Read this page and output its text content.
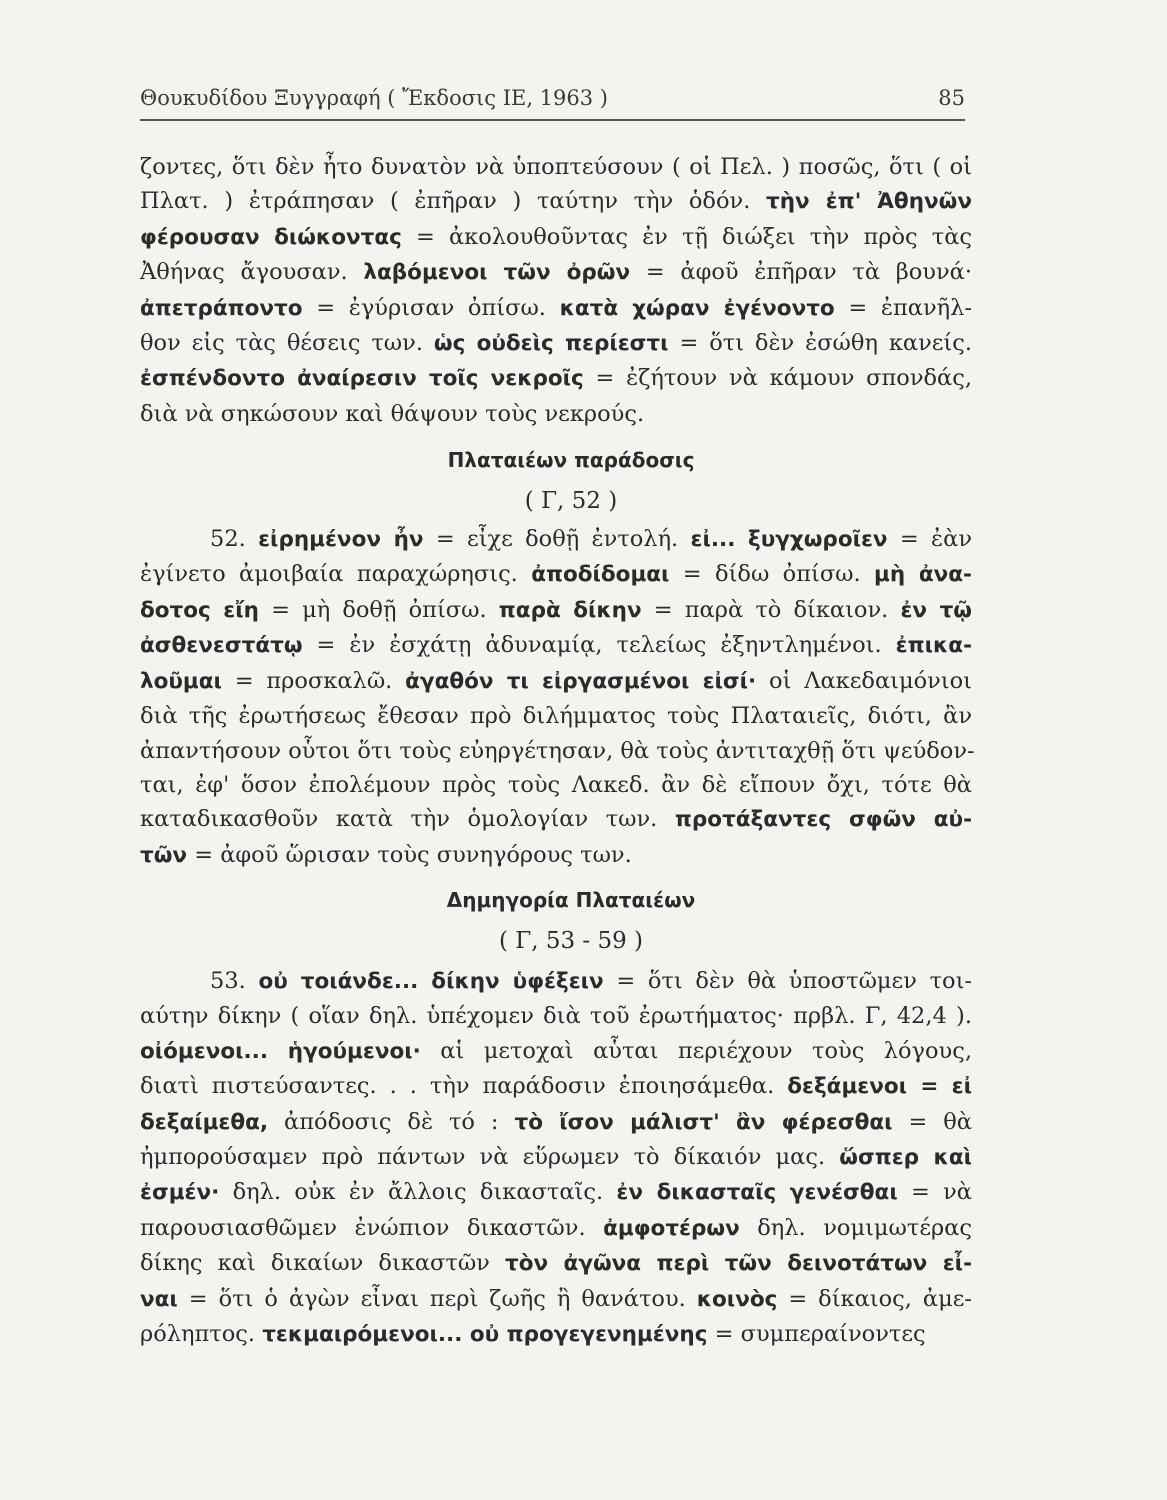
Θουκυδίδου Ξυγγραφή ( Ἔκδοσις ΙΕ, 1963 )	85
ζοντες, ὅτι δὲν ἦτο δυνατὸν νὰ ὑποπτεύσουν ( οἱ Πελ. ) ποσῶς, ὅτι ( οἱ
Πλατ. ) ἐτράπησαν ( ἐπῆραν ) ταύτην τὴν ὁδόν. τὴν ἐπ' Ἀθηνῶν
φέρουσαν διώκοντας = ἀκολουθοῦντας ἐν τῇ διώξει τὴν πρὸς τὰς
Ἀθήνας ἄγουσαν. λαβόμενοι τῶν ὀρῶν = ἀφοῦ ἐπῆραν τὰ βουνά·
ἀπετράποντο = ἐγύρισαν ὀπίσω. κατὰ χώραν ἐγένοντο = ἐπανῆλ-
θον εἰς τὰς θέσεις των. ὡς οὐδεὶς περίεστι = ὅτι δὲν ἐσώθη κανείς.
ἐσπένδοντο ἀναίρεσιν τοῖς νεκροῖς = ἐζήτουν νὰ κάμουν σπονδάς,
διὰ νὰ σηκώσουν καὶ θάψουν τοὺς νεκρούς.
Πλαταιέων παράδοσις
( Γ, 52 )
52. εἰρημένον ἦν = εἶχε δοθῇ ἐντολή. εἰ... ξυγχωροῖεν = ἐὰν
ἐγίνετο ἀμοιβαία παραχώρησις. ἀποδίδομαι = δίδω ὀπίσω. μὴ ἀνα-
δοτος εἴη = μὴ δοθῇ ὀπίσω. παρὰ δίκην = παρὰ τὸ δίκαιον. ἐν τῷ
ἀσθενεστάτῳ = ἐν ἐσχάτῃ ἀδυναμίᾳ, τελείως ἐξηντλημένοι. ἐπικα-
λοῦμαι = προσκαλῶ. ἀγαθόν τι εἰργασμένοι εἰσί· οἱ Λακεδαιμόνιοι
διὰ τῆς ἐρωτήσεως ἔθεσαν πρὸ διλήμματος τοὺς Πλαταιεῖς, διότι, ἂν
ἀπαντήσουν οὗτοι ὅτι τοὺς εὐηργέτησαν, θὰ τοὺς ἀντιταχθῇ ὅτι ψεύδον-
ται, ἐφ' ὅσον ἐπολέμουν πρὸς τοὺς Λακεδ. ἂν δὲ εἴπουν ὄχι, τότε θὰ
καταδικασθοῦν κατὰ τὴν ὁμολογίαν των. προτάξαντες σφῶν αὐ-
τῶν = ἀφοῦ ὥρισαν τοὺς συνηγόρους των.
Δημηγορία Πλαταιέων
( Γ, 53 - 59 )
53. οὐ τοιάνδε... δίκην ὑφέξειν = ὅτι δὲν θὰ ὑποστῶμεν τοι-
αύτην δίκην ( οἵαν δηλ. ὑπέχομεν διὰ τοῦ ἐρωτήματος· πρβλ. Γ, 42,4 ).
οἰόμενοι... ἡγούμενοι· αἱ μετοχαὶ αὗται περιέχουν τοὺς λόγους,
διατὶ πιστεύσαντες. . . τὴν παράδοσιν ἐποιησάμεθα. δεξάμενοι = εἰ
δεξαίμεθα, ἀπόδοσις δὲ τό : τὸ ἴσον μάλιστ' ἂν φέρεσθαι = θὰ
ἠμπορούσαμεν πρὸ πάντων νὰ εὕρωμεν τὸ δίκαιόν μας. ὥσπερ καὶ
ἐσμέν· δηλ. οὐκ ἐν ἄλλοις δικασταῖς. ἐν δικασταῖς γενέσθαι = νὰ
παρουσιασθῶμεν ἐνώπιον δικαστῶν. ἀμφοτέρων δηλ. νομιμωτέρας
δίκης καὶ δικαίων δικαστῶν τὸν ἀγῶνα περὶ τῶν δεινοτάτων εἶ-
ναι = ὅτι ὁ ἀγὼν εἶναι περὶ ζωῆς ἢ θανάτου. κοινὸς = δίκαιος, ἀμε-
ρόληπτος. τεκμαιρόμενοι... οὐ προγεγενημένης = συμπεραίνοντες
